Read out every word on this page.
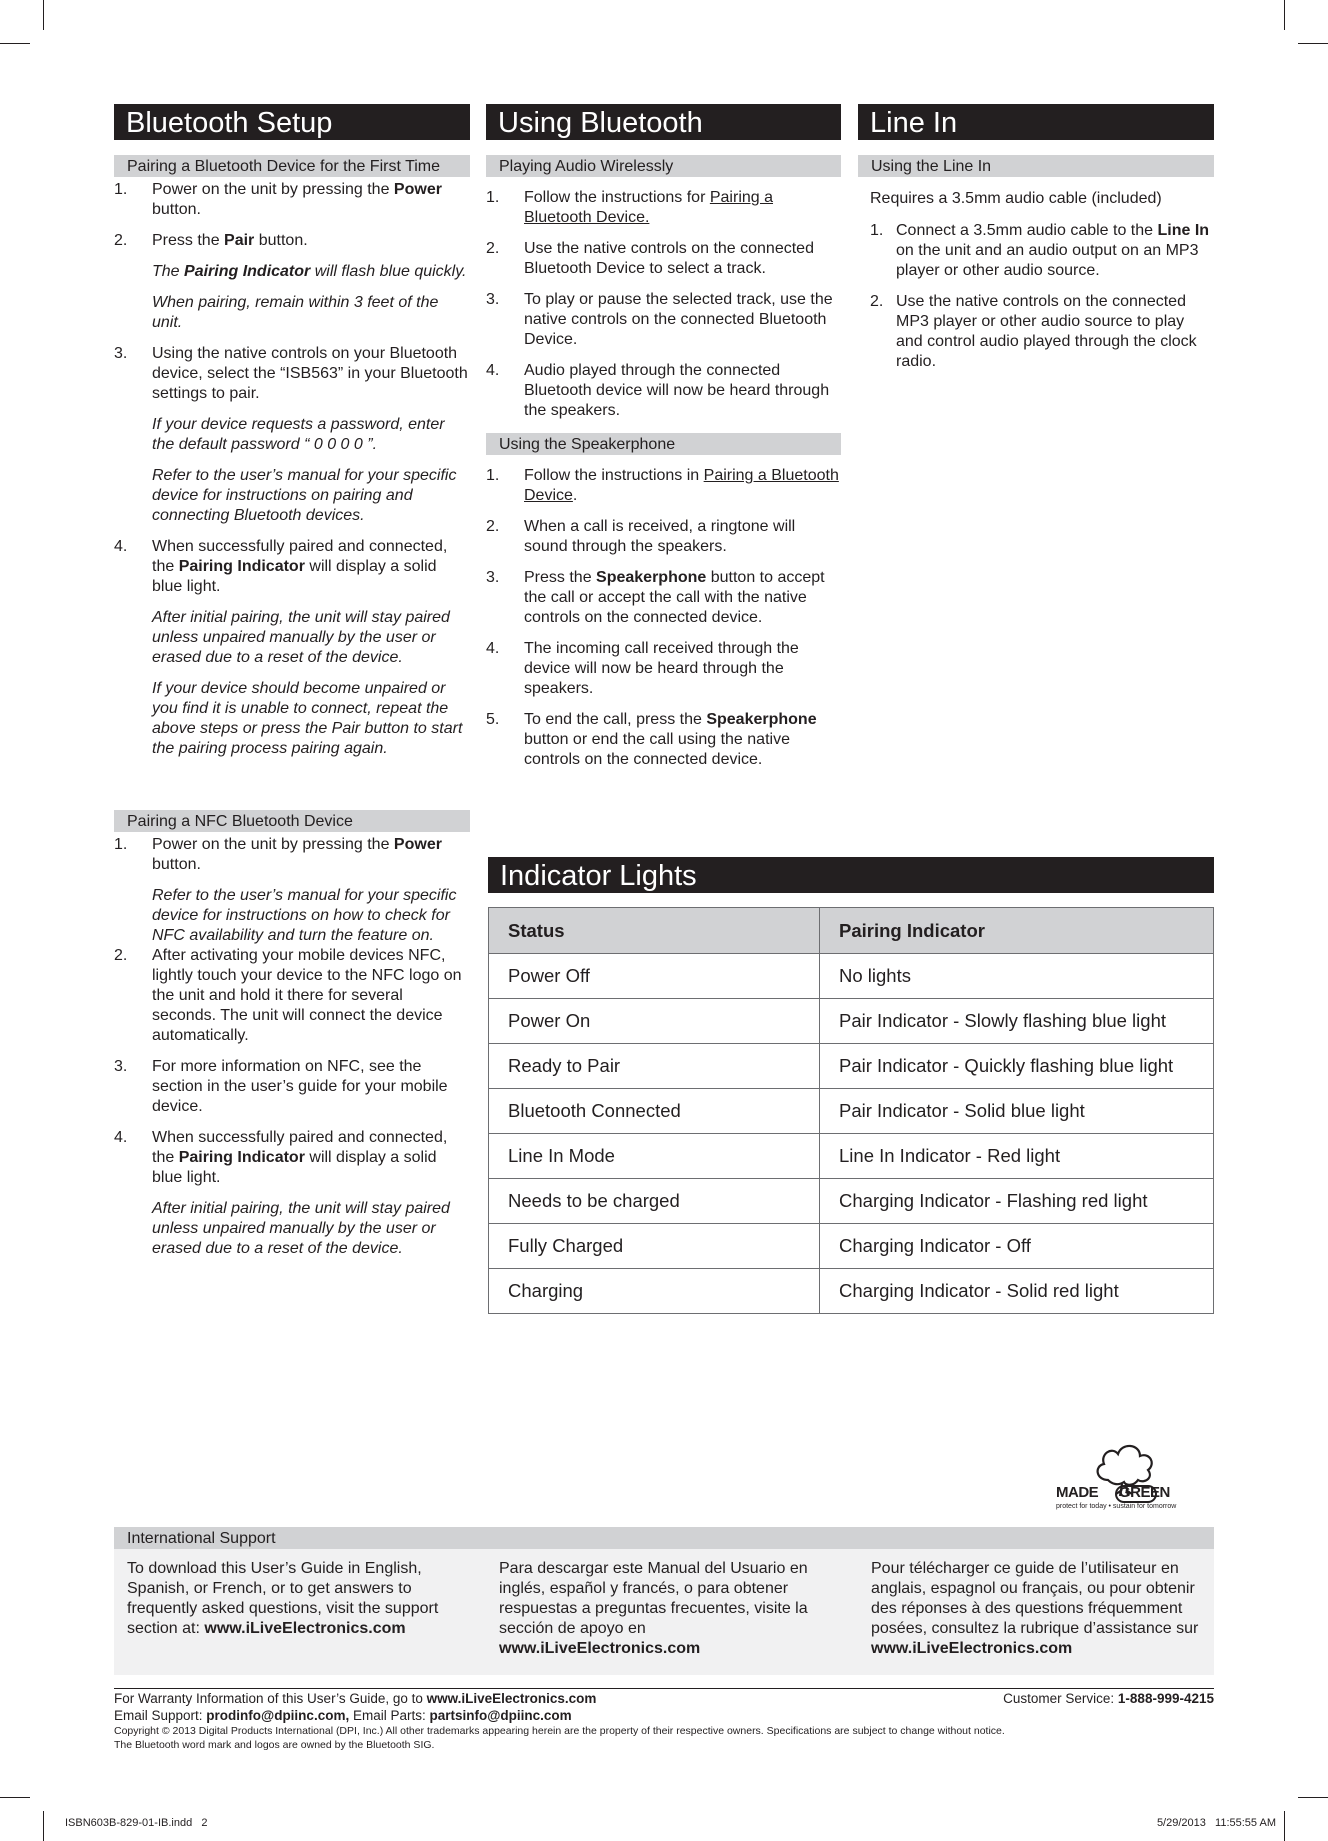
Bluetooth Setup
Pairing a Bluetooth Device for the First Time
1. Power on the unit by pressing the Power
button.
2. Press the Pair button.
The Pairing Indicator will flash blue quickly.
When pairing, remain within 3 feet of the unit.
3. Using the native controls on your Bluetooth device, select the “ISB563” in your Bluetooth settings to pair.
If your device requests a password, enter the default password “ 0 0 0 0 ”.
Refer to the user’s manual for your specific device for instructions on pairing and connecting Bluetooth devices.
4. When successfully paired and connected, the Pairing Indicator will display a solid blue light.
After initial pairing, the unit will stay paired unless unpaired manually by the user or erased due to a reset of the device.
If your device should become unpaired or you find it is unable to connect, repeat the above steps or press the Pair button to start the pairing process pairing again.
Pairing a NFC Bluetooth Device
1. Power on the unit by pressing the Power
button.
Refer to the user’s manual for your specific device for instructions on how to check for NFC availability and turn the feature on.
2. After activating your mobile devices NFC, lightly touch your device to the NFC logo on the unit and hold it there for several seconds. The unit will connect the device automatically.
3. For more information on NFC, see the section in the user’s guide for your mobile device.
4. When successfully paired and connected, the Pairing Indicator will display a solid blue light.
After initial pairing, the unit will stay paired unless unpaired manually by the user or erased due to a reset of the device.
Using Bluetooth
Playing Audio Wirelessly
1. Follow the instructions for Pairing a Bluetooth Device.
2. Use the native controls on the connected Bluetooth Device to select a track.
3. To play or pause the selected track, use the native controls on the connected Bluetooth Device.
4. Audio played through the connected Bluetooth device will now be heard through the speakers.
Using the Speakerphone
1. Follow the instructions in Pairing a Bluetooth Device.
2. When a call is received, a ringtone will sound through the speakers.
3. Press the Speakerphone button to accept the call or accept the call with the native controls on the connected device.
4. The incoming call received through the device will now be heard through the speakers.
5. To end the call, press the Speakerphone button or end the call using the native controls on the connected device.
Line In
Using the Line In
Requires a 3.5mm audio cable (included)
1. Connect a 3.5mm audio cable to the Line In on the unit and an audio output on an MP3 player or other audio source.
2. Use the native controls on the connected MP3 player or other audio source to play and control audio played through the clock radio.
Indicator Lights
Status	Pairing Indicator
Power Off	No lights
Power On	Pair Indicator - Slowly flashing blue light
Ready to Pair	Pair Indicator - Quickly flashing blue light
Bluetooth Connected	Pair Indicator - Solid blue light
Line In Mode	Line In Indicator - Red light
Needs to be charged	Charging Indicator - Flashing red light
Fully Charged	Charging Indicator - Off
Charging	Charging Indicator - Solid red light
MADE GREEN
protect for today • sustain for tomorrow
International Support
To download this User’s Guide in English, Spanish, or French, or to get answers to frequently asked questions, visit the support section at: www.iLiveElectronics.com
Para descargar este Manual del Usuario en inglés, español y francés, o para obtener respuestas a preguntas frecuentes, visite la sección de apoyo en www.iLiveElectronics.com
Pour télécharger ce guide de l’utilisateur en anglais, espagnol ou français, ou pour obtenir des réponses à des questions fréquemment posées, consultez la rubrique d’assistance sur www.iLiveElectronics.com
For Warranty Information of this User’s Guide, go to www.iLiveElectronics.com	Customer Service: 1-888-999-4215
Email Support: prodinfo@dpiinc.com, Email Parts: partsinfo@dpiinc.com
Copyright © 2013 Digital Products International (DPI, Inc.) All other trademarks appearing herein are the property of their respective owners. Specifications are subject to change without notice.
The Bluetooth word mark and logos are owned by the Bluetooth SIG.
ISBN603B-829-01-IB.indd   2	5/29/2013   11:55:55 AM
